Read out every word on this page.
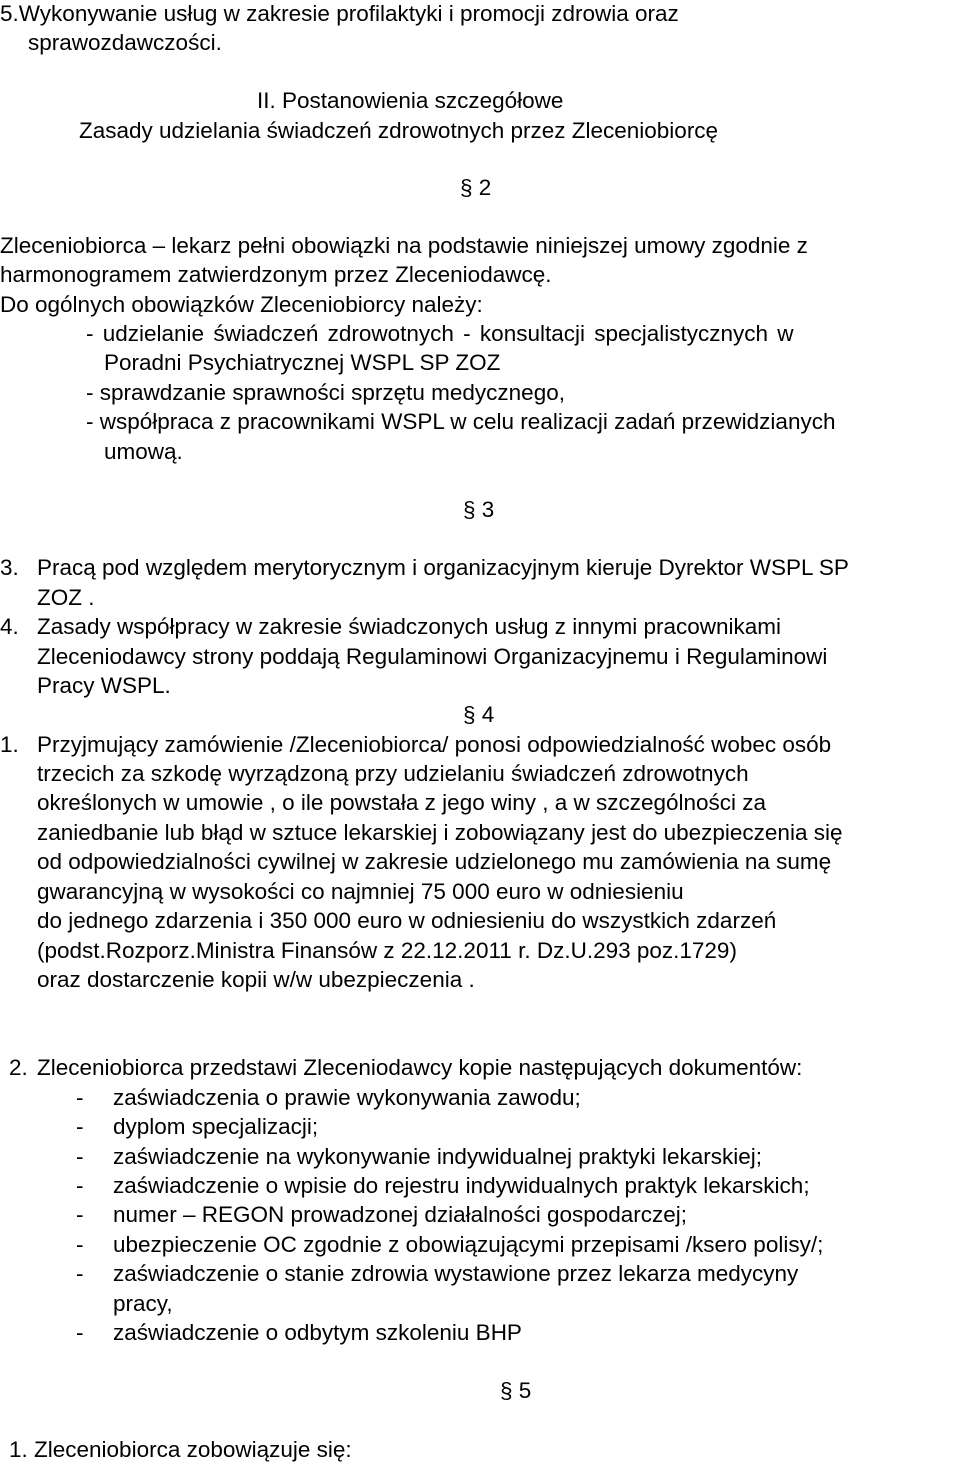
5.Wykonywanie usług w zakresie profilaktyki i promocji zdrowia oraz
sprawozdawczości.
II. Postanowienia szczegółowe
Zasady udzielania świadczeń zdrowotnych przez Zleceniobiorcę
§ 2
Zleceniobiorca – lekarz pełni obowiązki na podstawie niniejszej umowy zgodnie z
harmonogramem zatwierdzonym przez Zleceniodawcę.
Do ogólnych obowiązków Zleceniobiorcy należy:
- udzielanie świadczeń zdrowotnych - konsultacji specjalistycznych w
Poradni Psychiatrycznej WSPL SP ZOZ
- sprawdzanie sprawności sprzętu medycznego,
- współpraca z pracownikami WSPL w celu realizacji zadań przewidzianych
umową.
§ 3
3. Pracą pod względem merytorycznym i organizacyjnym kieruje Dyrektor WSPL SP
ZOZ .
4. Zasady współpracy w zakresie świadczonych usług z innymi pracownikami
Zleceniodawcy strony poddają Regulaminowi Organizacyjnemu i Regulaminowi
Pracy WSPL.
§ 4
1. Przyjmujący zamówienie /Zleceniobiorca/ ponosi odpowiedzialność wobec osób
trzecich za szkodę wyrządzoną przy udzielaniu świadczeń zdrowotnych
określonych w umowie , o ile powstała z jego winy , a w szczególności za
zaniedbanie lub błąd w sztuce lekarskiej i zobowiązany jest do ubezpieczenia się
od odpowiedzialności cywilnej w zakresie udzielonego mu zamówienia na sumę
gwarancyjną w wysokości co najmniej 75 000 euro w odniesieniu
do jednego zdarzenia i 350 000 euro w odniesieniu do wszystkich zdarzeń
(podst.Rozporz.Ministra Finansów z 22.12.2011 r. Dz.U.293 poz.1729)
oraz dostarczenie kopii w/w ubezpieczenia .
2. Zleceniobiorca przedstawi Zleceniodawcy kopie następujących dokumentów:
- zaświadczenia o prawie wykonywania zawodu;
- dyplom specjalizacji;
- zaświadczenie na wykonywanie indywidualnej praktyki lekarskiej;
- zaświadczenie o wpisie do rejestru indywidualnych praktyk lekarskich;
- numer – REGON prowadzonej działalności gospodarczej;
- ubezpieczenie OC zgodnie z obowiązującymi przepisami /ksero polisy/;
- zaświadczenie o stanie zdrowia wystawione przez lekarza medycyny
pracy,
- zaświadczenie o odbytym szkoleniu BHP
§ 5
1. Zleceniobiorca zobowiązuje się:
